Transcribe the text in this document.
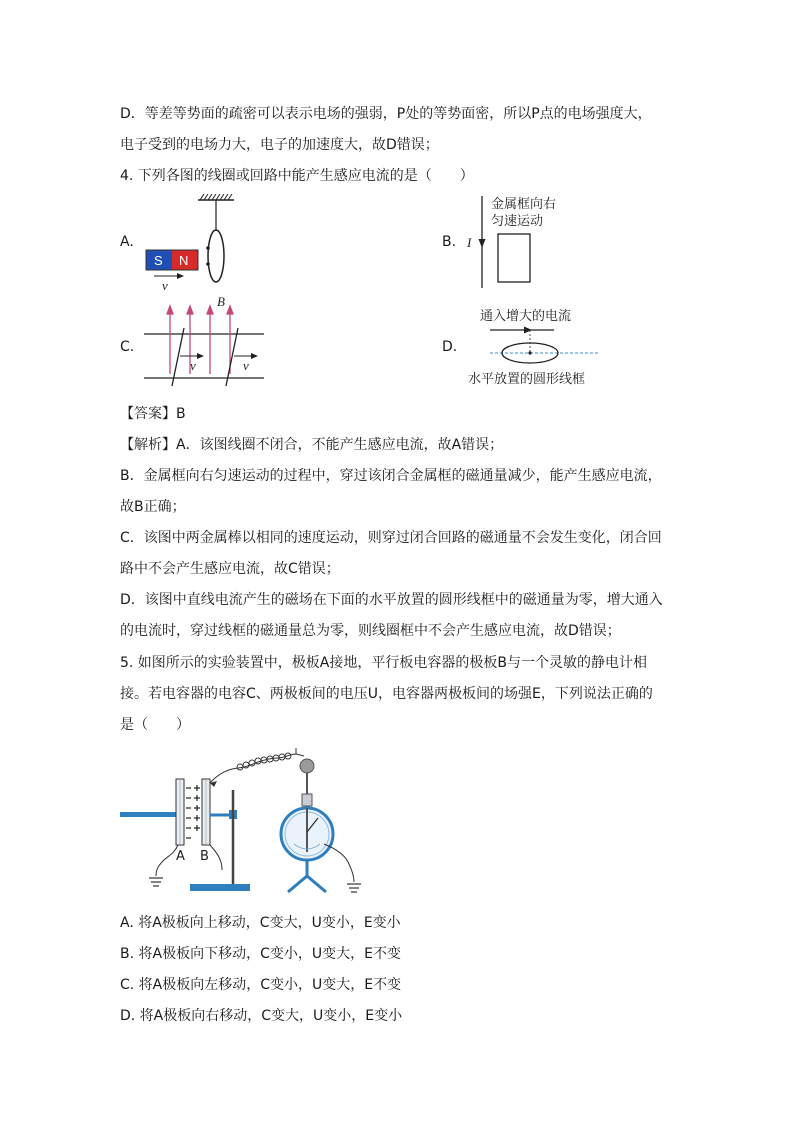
D．等差等势面的疏密可以表示电场的强弱，P处的等势面密，所以P点的电场强度大，
电子受到的电场力大，电子的加速度大，故D错误；
4. 下列各图的线圈或回路中能产生感应电流的是（　　）
A.
S N
v
B. I
金属框向右
匀速运动
C.
B
v	v
D.
通入增大的电流
水平放置的圆形线框
【答案】B
【解析】A．该图线圈不闭合，不能产生感应电流，故A错误；
B．金属框向右匀速运动的过程中，穿过该闭合金属框的磁通量减少，能产生感应电流，
故B正确；
C．该图中两金属棒以相同的速度运动，则穿过闭合回路的磁通量不会发生变化，闭合回
路中不会产生感应电流，故C错误；
D．该图中直线电流产生的磁场在下面的水平放置的圆形线框中的磁通量为零，增大通入
的电流时，穿过线框的磁通量总为零，则线圈框中不会产生感应电流，故D错误；
5. 如图所示的实验装置中，极板A接地，平行板电容器的极板B与一个灵敏的静电计相
接。若电容器的电容C、两极板间的电压U，电容器两极板间的场强E，下列说法正确的
是（　　）
A B
A. 将A极板向上移动，C变大，U变小，E变小
B. 将A极板向下移动，C变小，U变大，E不变
C. 将A极板向左移动，C变小，U变大，E不变
D. 将A极板向右移动，C变大，U变小，E变小
